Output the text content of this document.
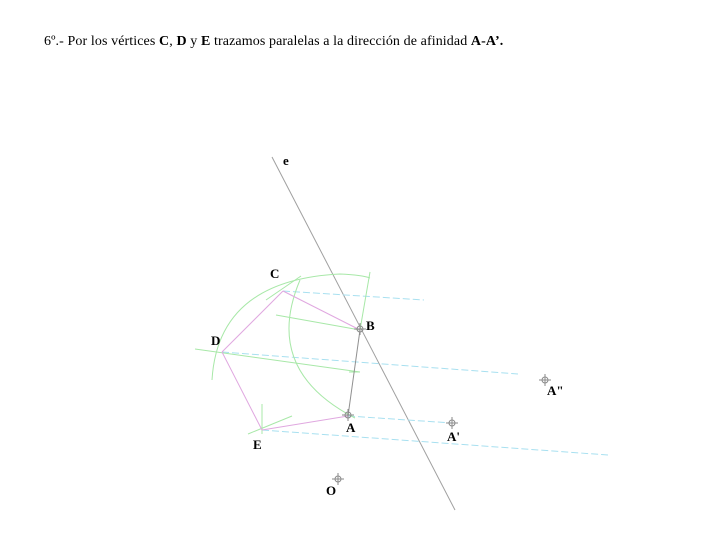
6º.- Por los vértices C, D y E trazamos paralelas a la dirección de afinidad A-A’.
e
C
B
D
A"
A
A'
E
O
